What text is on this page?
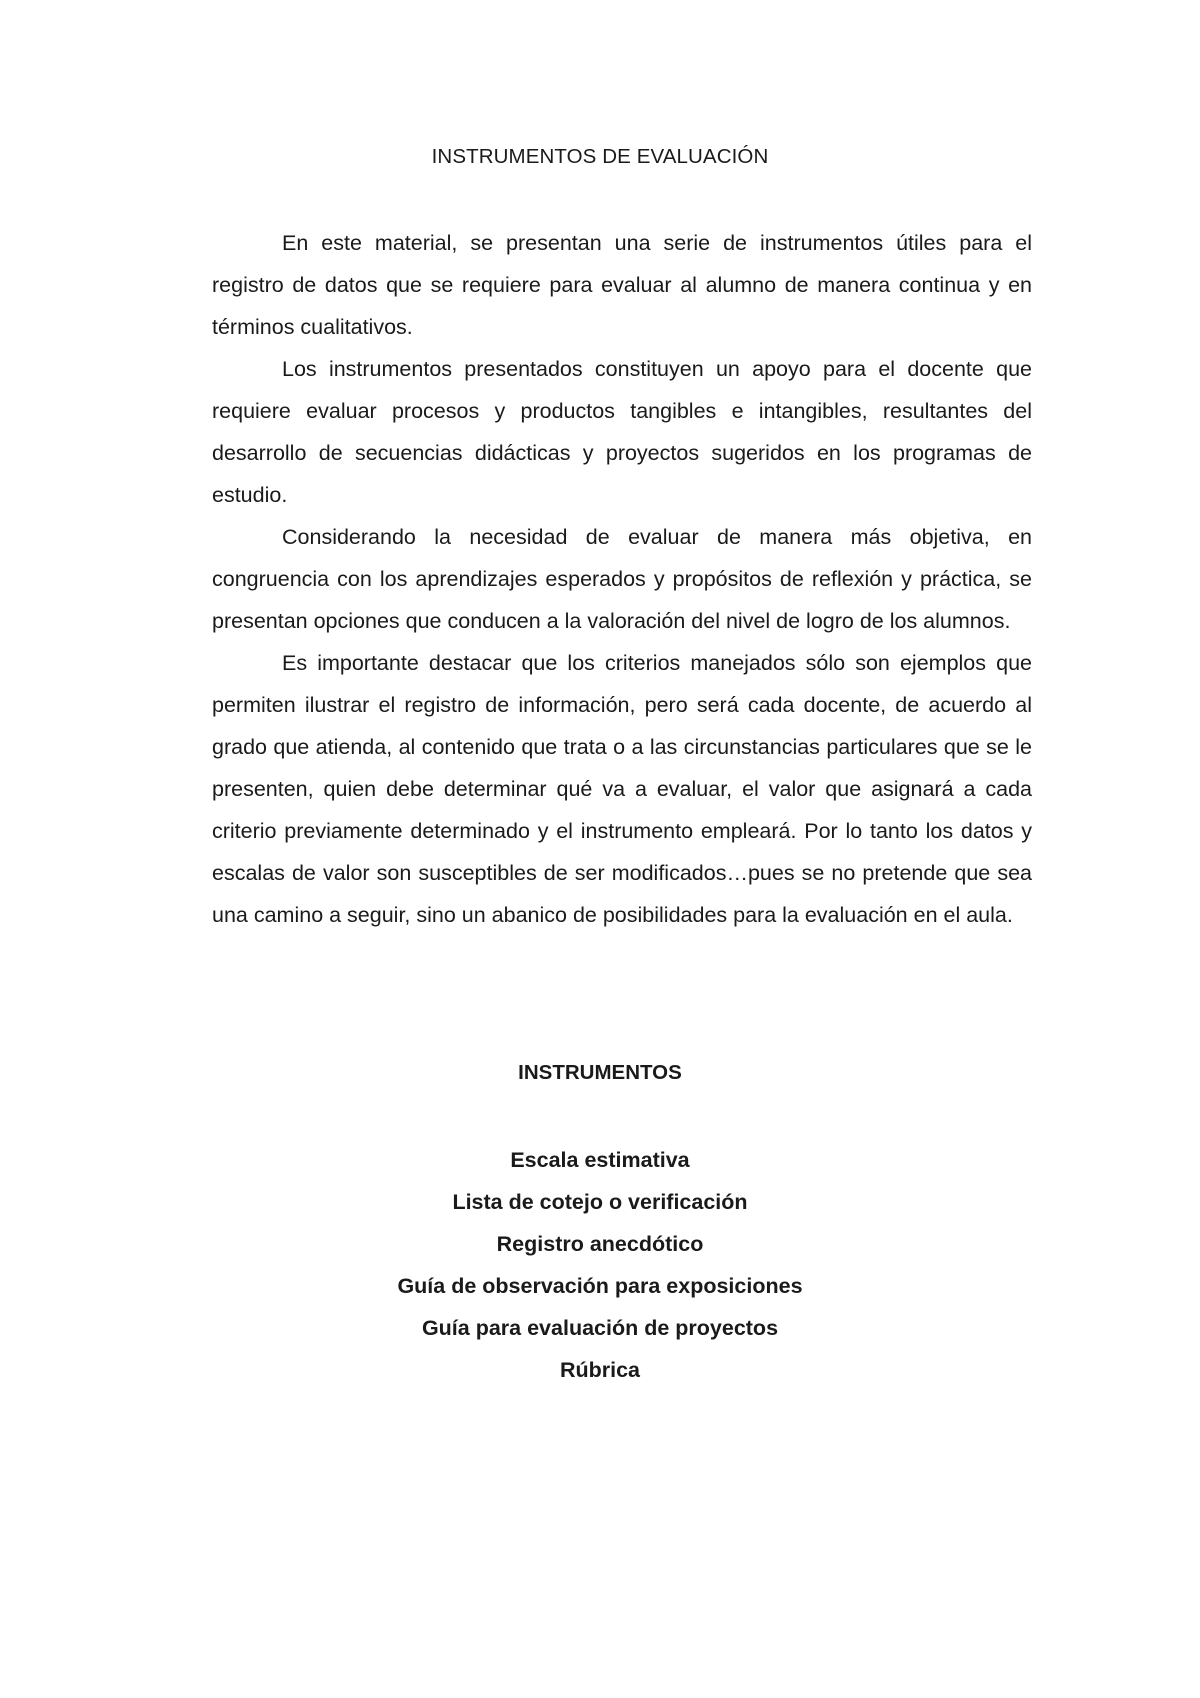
INSTRUMENTOS DE EVALUACIÓN

En este material, se presentan una serie de instrumentos útiles para el registro de datos que se requiere para evaluar al alumno de manera continua y en términos cualitativos.

Los instrumentos presentados constituyen un apoyo para el docente que requiere evaluar procesos y productos tangibles e intangibles, resultantes del desarrollo de secuencias didácticas y proyectos sugeridos en los programas de estudio.

Considerando la necesidad de evaluar de manera más objetiva, en congruencia con los aprendizajes esperados y propósitos de reflexión y práctica, se presentan opciones que conducen a la valoración del nivel de logro de los alumnos.

Es importante destacar que los criterios manejados sólo son ejemplos que permiten ilustrar el registro de información, pero será cada docente, de acuerdo al grado que atienda, al contenido que trata o a las circunstancias particulares que se le presenten, quien debe determinar qué va a evaluar, el valor que asignará a cada criterio previamente determinado y el instrumento empleará. Por lo tanto los datos y escalas de valor son susceptibles de ser modificados…pues se no pretende que sea una camino a seguir, sino un abanico de posibilidades para la evaluación en el aula.

INSTRUMENTOS
Escala estimativa
Lista de cotejo o verificación
Registro anecdótico
Guía de observación para exposiciones
Guía para evaluación de proyectos
Rúbrica
